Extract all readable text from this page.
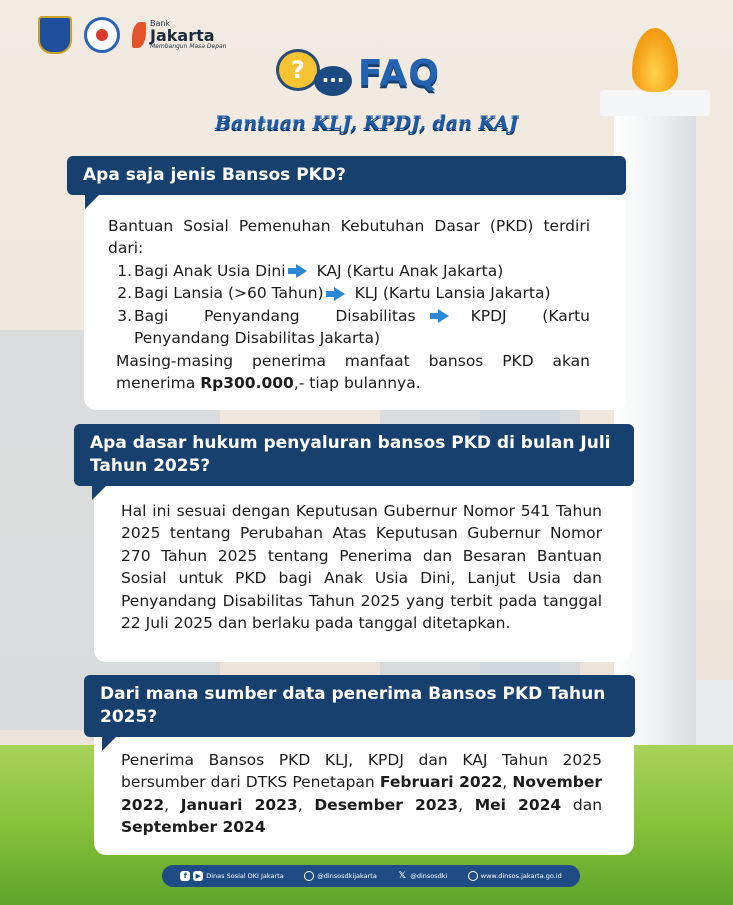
Bank
Jakarta
Membangun Masa Depan
? ... FAQ
Bantuan KLJ, KPDJ, dan KAJ
Apa saja jenis Bansos PKD?
Bantuan Sosial Pemenuhan Kebutuhan Dasar (PKD) terdiri dari:
1. Bagi Anak Usia Dini KAJ (Kartu Anak Jakarta)
2. Bagi Lansia (>60 Tahun) KLJ (Kartu Lansia Jakarta)
3. Bagi Penyandang Disabilitas	KPDJ (Kartu Penyandang Disabilitas Jakarta)
Masing-masing penerima manfaat bansos PKD akan menerima Rp300.000,- tiap bulannya.
Apa dasar hukum penyaluran bansos PKD di bulan Juli Tahun 2025?
Hal ini sesuai dengan Keputusan Gubernur Nomor 541 Tahun 2025 tentang Perubahan Atas Keputusan Gubernur Nomor 270 Tahun 2025 tentang Penerima dan Besaran Bantuan Sosial untuk PKD bagi Anak Usia Dini, Lanjut Usia dan Penyandang Disabilitas Tahun 2025 yang terbit pada tanggal 22 Juli 2025 dan berlaku pada tanggal ditetapkan.
Dari mana sumber data penerima Bansos PKD Tahun 2025?
Penerima Bansos PKD KLJ, KPDJ dan KAJ Tahun 2025 bersumber dari DTKS Penetapan Februari 2022, November 2022, Januari 2023, Desember 2023, Mei 2024 dan September 2024
f	▶ Dinas Sosial DKI Jakarta	@dinsosdkijakarta 𝕏 @dinsosdki	www.dinsos.jakarta.go.id
